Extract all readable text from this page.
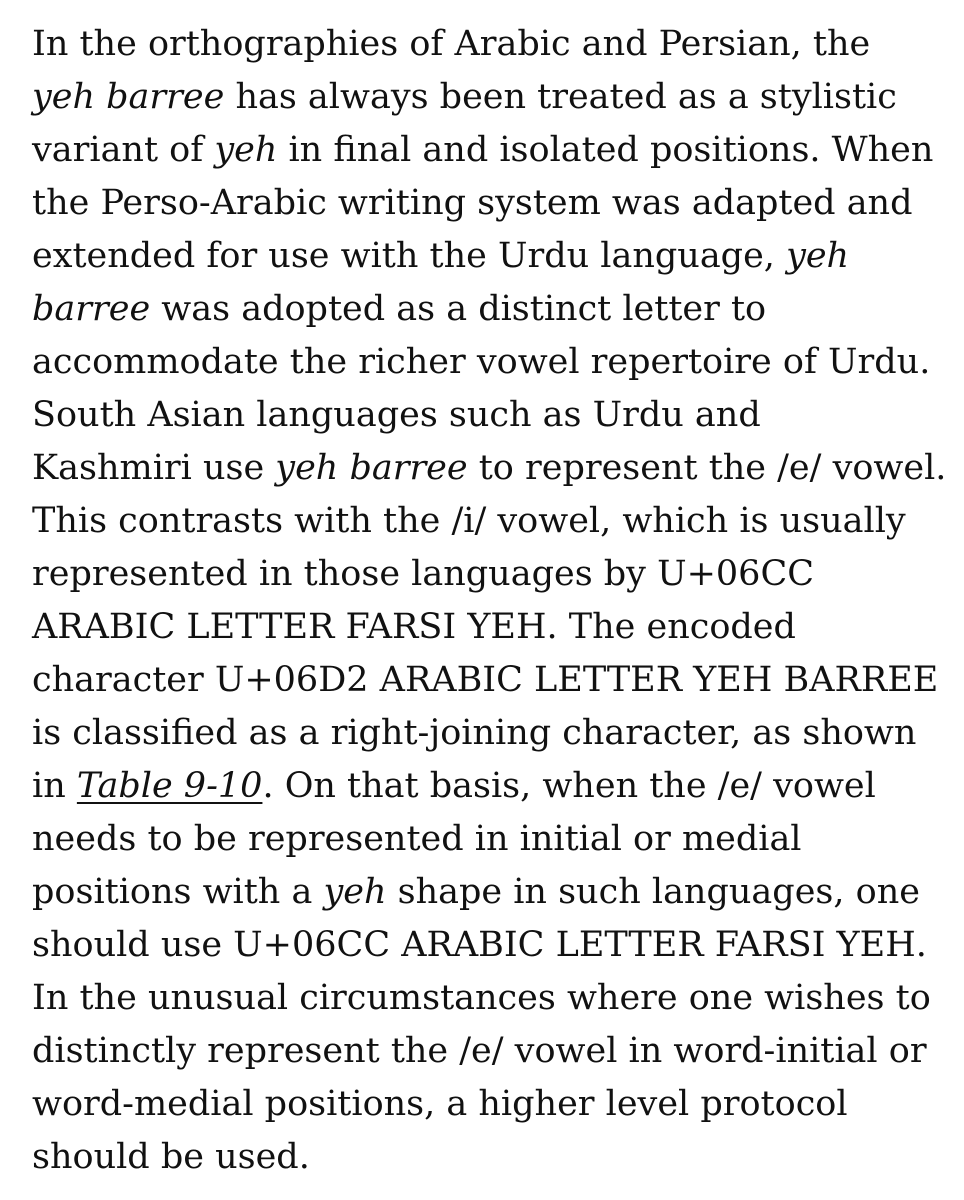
In the orthographies of Arabic and Persian, the
yeh barree has always been treated as a stylistic
variant of yeh in final and isolated positions. When
the Perso-Arabic writing system was adapted and
extended for use with the Urdu language, yeh
barree was adopted as a distinct letter to
accommodate the richer vowel repertoire of Urdu.
South Asian languages such as Urdu and
Kashmiri use yeh barree to represent the /e/ vowel.
This contrasts with the /i/ vowel, which is usually
represented in those languages by U+06CC
ARABIC LETTER FARSI YEH. The encoded
character U+06D2 ARABIC LETTER YEH BARREE
is classified as a right-joining character, as shown
in Table 9-10. On that basis, when the /e/ vowel
needs to be represented in initial or medial
positions with a yeh shape in such languages, one
should use U+06CC ARABIC LETTER FARSI YEH.
In the unusual circumstances where one wishes to
distinctly represent the /e/ vowel in word-initial or
word-medial positions, a higher level protocol
should be used.
